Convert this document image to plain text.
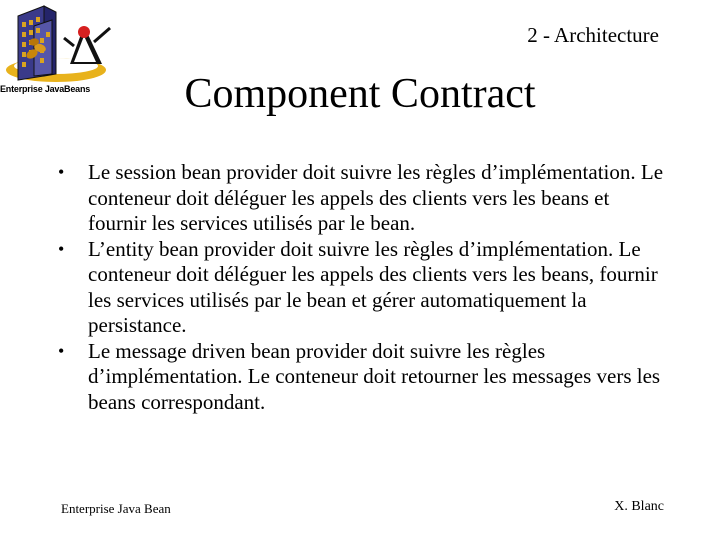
Enterprise JavaBeans
2 - Architecture
Component Contract
•	Le session bean provider doit suivre les règles d’implémentation. Le conteneur doit déléguer les appels des clients vers les beans et fournir les services utilisés par le bean.
•	L’entity bean provider doit suivre les règles d’implémentation. Le conteneur doit déléguer les appels des clients vers les beans, fournir les services utilisés par le bean et gérer automatiquement la persistance.
•	Le message driven bean provider doit suivre les règles d’implémentation. Le conteneur doit retourner les messages vers les beans correspondant.
Enterprise Java Bean	X. Blanc
